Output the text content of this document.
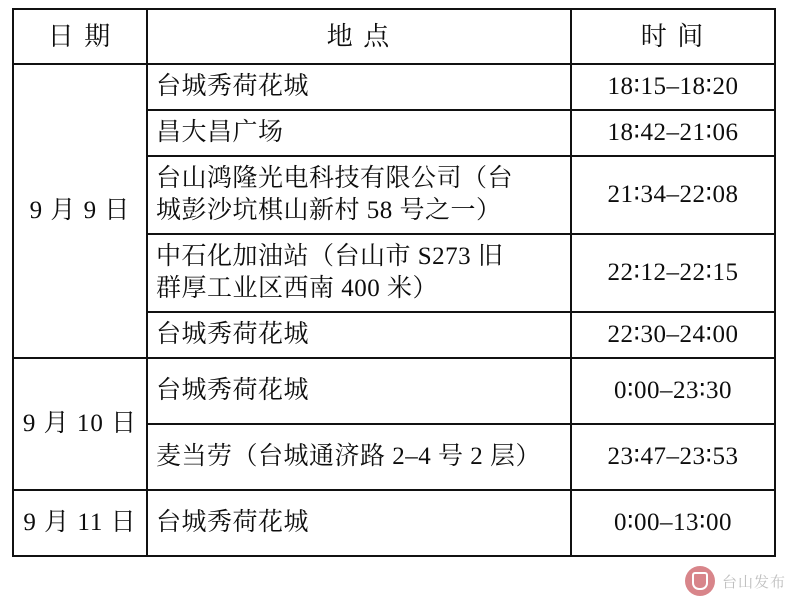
日 期	地 点	时 间
9 月 9 日	台城秀荷花城	18∶15–18∶20

	昌大昌广场	18∶42–21∶06

	台山鸿隆光电科技有限公司（台
城彭沙坑棋山新村 58 号之一）	21∶34–22∶08

	中石化加油站（台山市 S273 旧
群厚工业区西南 400 米）	22∶12–22∶15

	台城秀荷花城	22∶30–24∶00
9 月 10 日	台城秀荷花城	0∶00–23∶30

	麦当劳（台城通济路 2–4 号 2 层）	23∶47–23∶53
9 月 11 日	台城秀荷花城	0∶00–13∶00
台山发布
